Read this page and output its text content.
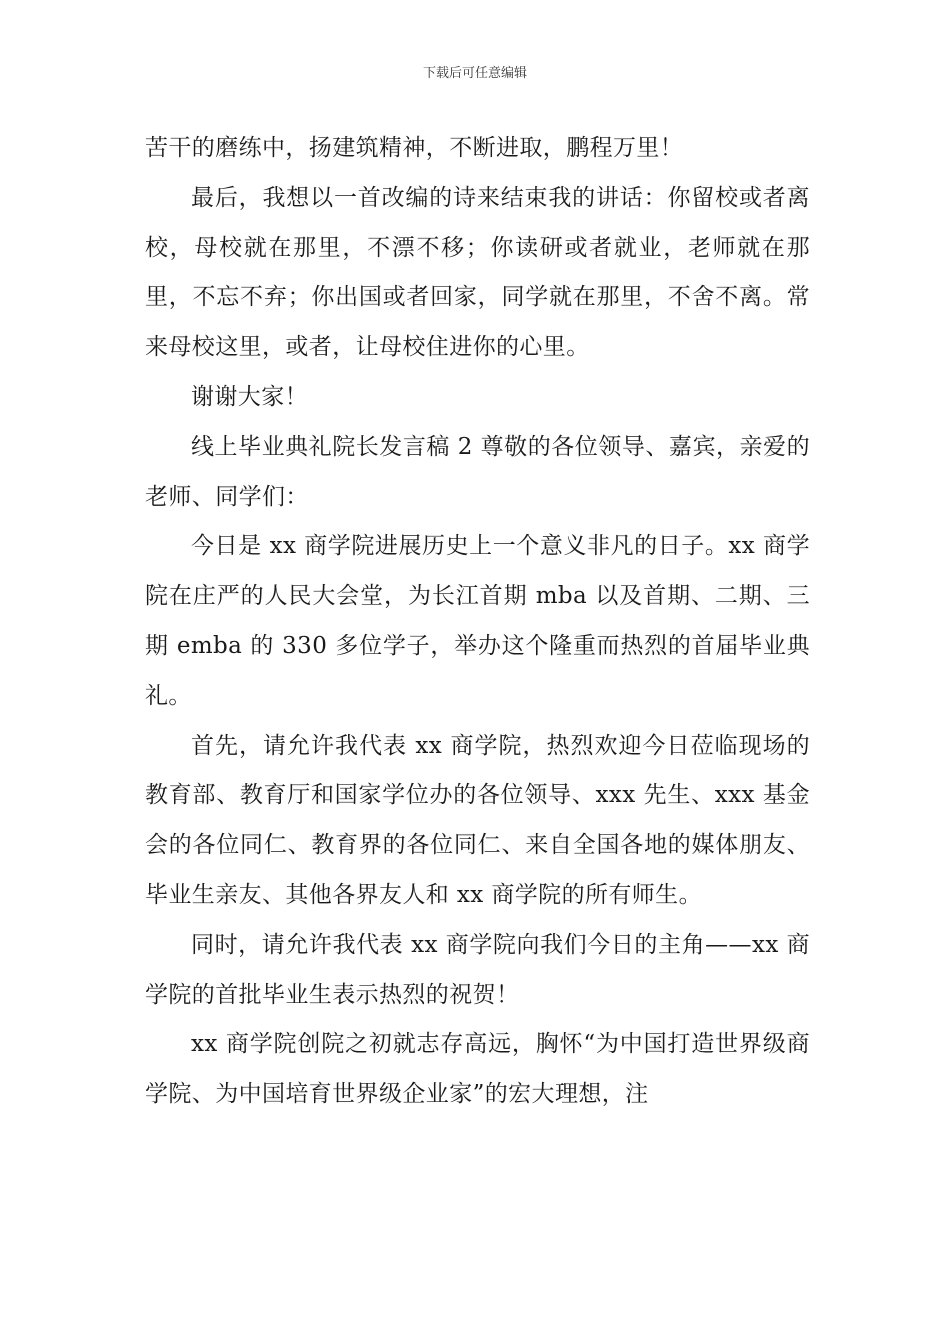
下载后可任意编辑

苦干的磨练中，扬建筑精神，不断进取，鹏程万里！

最后，我想以一首改编的诗来结束我的讲话：你留校或者离校，母校就在那里，不漂不移；你读研或者就业，老师就在那里，不忘不弃；你出国或者回家，同学就在那里，不舍不离。常来母校这里，或者，让母校住进你的心里。

谢谢大家！

线上毕业典礼院长发言稿 2 尊敬的各位领导、嘉宾，亲爱的老师、同学们：

今日是 xx 商学院进展历史上一个意义非凡的日子。xx 商学院在庄严的人民大会堂，为长江首期 mba 以及首期、二期、三期 emba 的 330 多位学子，举办这个隆重而热烈的首届毕业典礼。

首先，请允许我代表 xx 商学院，热烈欢迎今日莅临现场的教育部、教育厅和国家学位办的各位领导、xxx 先生、xxx 基金会的各位同仁、教育界的各位同仁、来自全国各地的媒体朋友、毕业生亲友、其他各界友人和 xx 商学院的所有师生。

同时，请允许我代表 xx 商学院向我们今日的主角——xx 商学院的首批毕业生表示热烈的祝贺！

xx 商学院创院之初就志存高远，胸怀“为中国打造世界级商学院、为中国培育世界级企业家”的宏大理想，注
